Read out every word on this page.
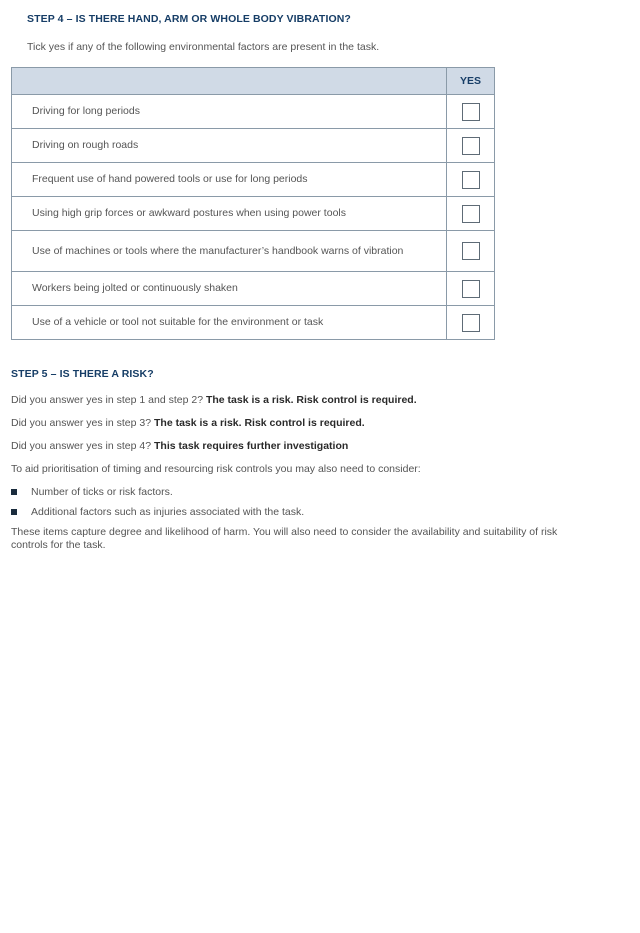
STEP 4 – IS THERE HAND, ARM OR WHOLE BODY VIBRATION?
Tick yes if any of the following environmental factors are present in the task.
	YES
Driving for long periods	
Driving on rough roads	
Frequent use of hand powered tools or use for long periods	
Using high grip forces or awkward postures when using power tools	
Use of machines or tools where the manufacturer’s handbook warns of vibration	
Workers being jolted or continuously shaken	
Use of a vehicle or tool not suitable for the environment or task	
STEP 5 – IS THERE A RISK?
Did you answer yes in step 1 and step 2? The task is a risk. Risk control is required.
Did you answer yes in step 3? The task is a risk. Risk control is required.
Did you answer yes in step 4? This task requires further investigation
To aid prioritisation of timing and resourcing risk controls you may also need to consider:
Number of ticks or risk factors.
Additional factors such as injuries associated with the task.
These items capture degree and likelihood of harm. You will also need to consider the availability and suitability of risk controls for the task.
